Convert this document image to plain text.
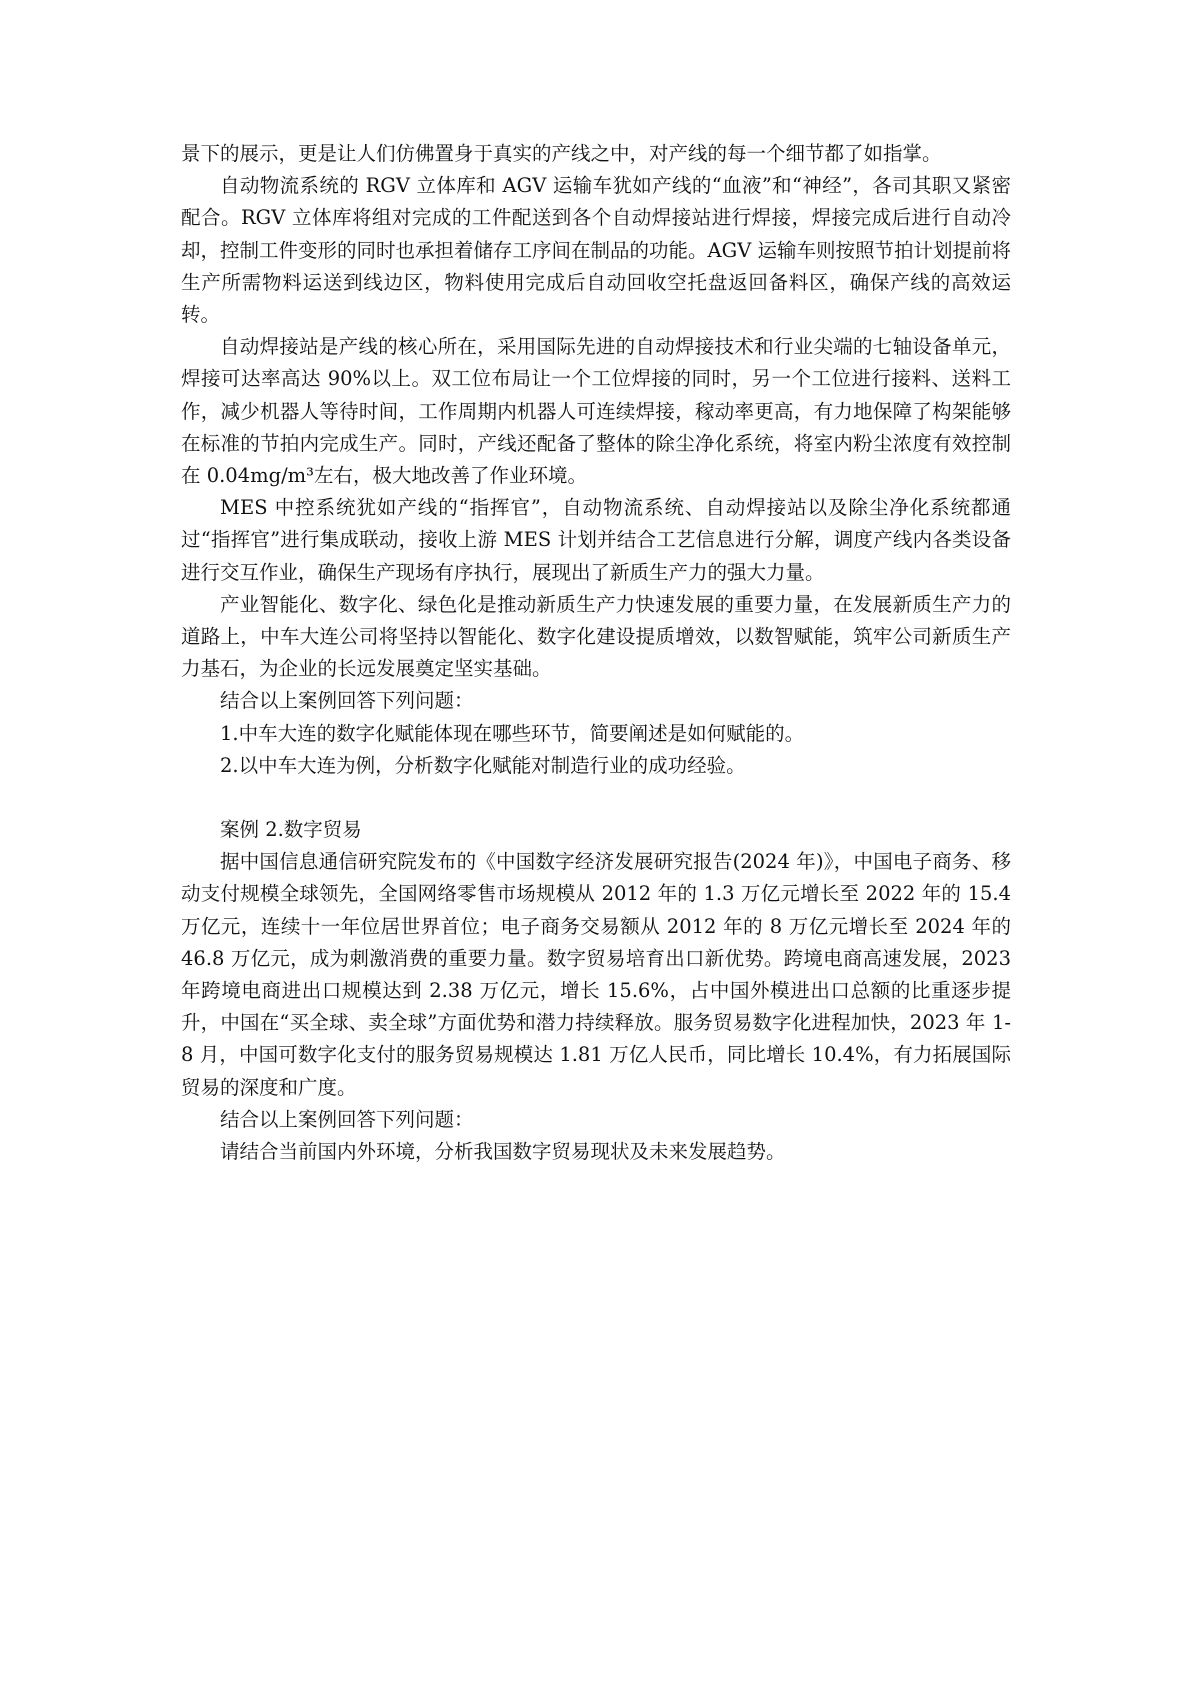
景下的展示，更是让人们仿佛置身于真实的产线之中，对产线的每一个细节都了如指掌。

自动物流系统的 RGV 立体库和 AGV 运输车犹如产线的“血液”和“神经”，各司其职又紧密配合。RGV 立体库将组对完成的工件配送到各个自动焊接站进行焊接，焊接完成后进行自动冷却，控制工件变形的同时也承担着储存工序间在制品的功能。AGV 运输车则按照节拍计划提前将生产所需物料运送到线边区，物料使用完成后自动回收空托盘返回备料区，确保产线的高效运转。

自动焊接站是产线的核心所在，采用国际先进的自动焊接技术和行业尖端的七轴设备单元，焊接可达率高达 90%以上。双工位布局让一个工位焊接的同时，另一个工位进行接料、送料工作，减少机器人等待时间，工作周期内机器人可连续焊接，稼动率更高，有力地保障了构架能够在标准的节拍内完成生产。同时，产线还配备了整体的除尘净化系统，将室内粉尘浓度有效控制在 0.04mg/m³左右，极大地改善了作业环境。

MES 中控系统犹如产线的“指挥官”，自动物流系统、自动焊接站以及除尘净化系统都通过“指挥官”进行集成联动，接收上游 MES 计划并结合工艺信息进行分解，调度产线内各类设备进行交互作业，确保生产现场有序执行，展现出了新质生产力的强大力量。

产业智能化、数字化、绿色化是推动新质生产力快速发展的重要力量，在发展新质生产力的道路上，中车大连公司将坚持以智能化、数字化建设提质增效，以数智赋能，筑牢公司新质生产力基石，为企业的长远发展奠定坚实基础。

结合以上案例回答下列问题：

1.中车大连的数字化赋能体现在哪些环节，简要阐述是如何赋能的。

2.以中车大连为例，分析数字化赋能对制造行业的成功经验。

案例 2.数字贸易

据中国信息通信研究院发布的《中国数字经济发展研究报告(2024 年)》，中国电子商务、移动支付规模全球领先，全国网络零售市场规模从 2012 年的 1.3 万亿元增长至 2022 年的 15.4 万亿元，连续十一年位居世界首位；电子商务交易额从 2012 年的 8 万亿元增长至 2024 年的 46.8 万亿元，成为刺激消费的重要力量。数字贸易培育出口新优势。跨境电商高速发展，2023 年跨境电商进出口规模达到 2.38 万亿元，增长 15.6%，占中国外模进出口总额的比重逐步提升，中国在“买全球、卖全球”方面优势和潜力持续释放。服务贸易数字化进程加快，2023 年 1-8 月，中国可数字化支付的服务贸易规模达 1.81 万亿人民币，同比增长 10.4%，有力拓展国际贸易的深度和广度。

结合以上案例回答下列问题：

请结合当前国内外环境，分析我国数字贸易现状及未来发展趋势。
